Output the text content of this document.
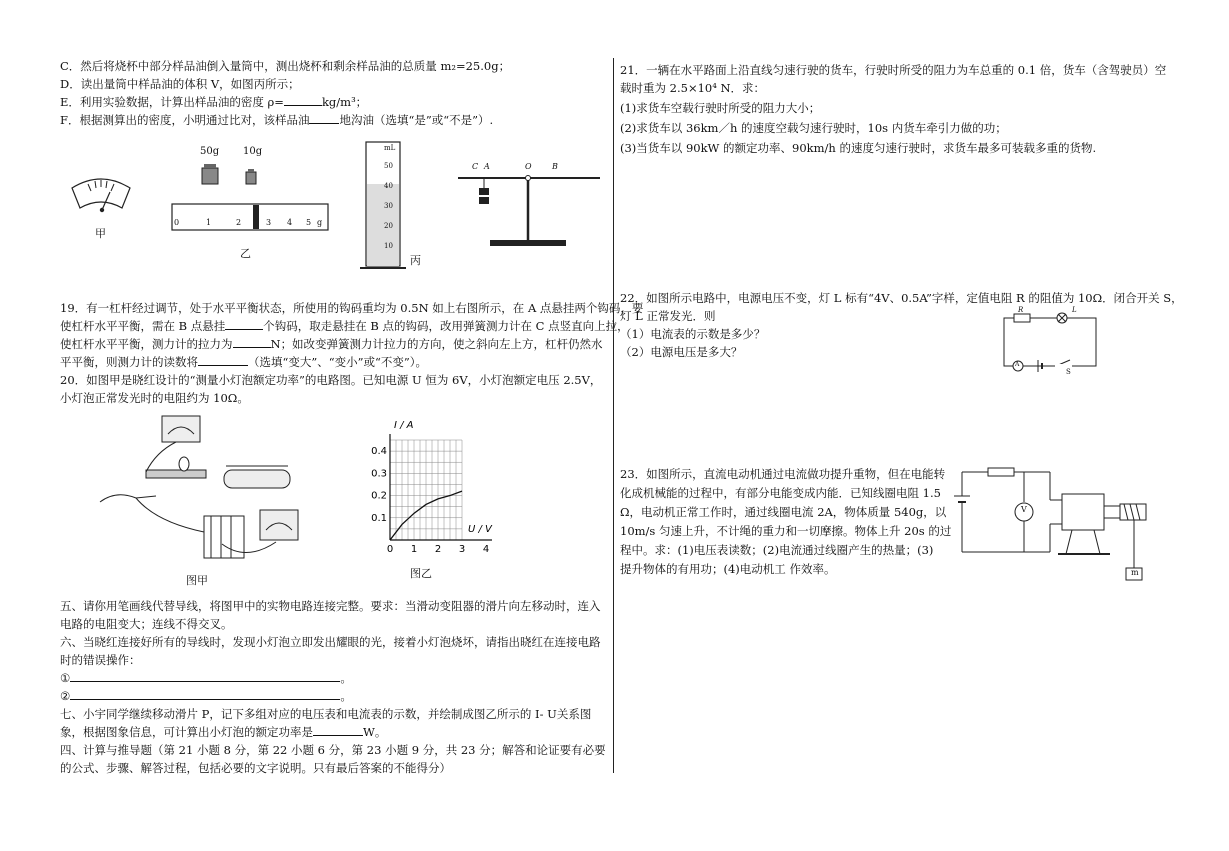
C．然后将烧杯中部分样品油倒入量筒中，测出烧杯和剩余样品油的总质量 m₂=25.0g；
D．读出量筒中样品油的体积 V，如图丙所示；
E．利用实验数据，计算出样品油的密度 ρ=	kg/m³；
F．根据测算出的密度，小明通过比对，该样品油	地沟油（选填“是”或“不是”）.
甲
50g 10g
0	1	2	3 4 5 g
乙
mL
50
40
30
20
10
丙
C A	O	B
19．有一杠杆经过调节，处于水平平衡状态，所使用的钩码重均为 0.5N 如上右图所示，在 A 点悬挂两个钩码，要
使杠杆水平平衡，需在 B 点悬挂	个钩码，取走悬挂在 B 点的钩码，改用弹簧测力计在 C 点竖直向上拉，
使杠杆水平平衡，测力计的拉力为	N；如改变弹簧测力计拉力的方向，使之斜向左上方，杠杆仍然水
平平衡，则测力计的读数将	（选填“变大”、“变小”或“不变”）。
20．如图甲是晓红设计的“测量小灯泡额定功率”的电路图。已知电源 U 恒为 6V，小灯泡额定电压 2.5V，
小灯泡正常发光时的电阻约为 10Ω。
图甲
0 1 2 3 4
0.1
0.2
0.3
0.4
I / A
U / V
图乙
五、请你用笔画线代替导线，将图甲中的实物电路连接完整。要求：当滑动变阻器的滑片向左移动时，连入
电路的电阻变大；连线不得交叉。
六、当晓红连接好所有的导线时，发现小灯泡立即发出耀眼的光，接着小灯泡烧坏，请指出晓红在连接电路
时的错误操作：
①	。
②	。
七、小宇同学继续移动滑片 P，记下多组对应的电压表和电流表的示数，并绘制成图乙所示的 I- U关系图
象，根据图象信息，可计算出小灯泡的额定功率是	W。
四、计算与推导题（第 21 小题 8 分，第 22 小题 6 分，第 23 小题 9 分，共 23 分；解答和论证要有必要
的公式、步骤、解答过程，包括必要的文字说明。只有最后答案的不能得分）
21．一辆在水平路面上沿直线匀速行驶的货车，行驶时所受的阻力为车总重的 0.1 倍，货车（含驾驶员）空
载时重为 2.5×10⁴ N．求：
(1)求货车空载行驶时所受的阻力大小；
(2)求货车以 36km／h 的速度空载匀速行驶时，10s 内货车牵引力做的功；
(3)当货车以 90kW 的额定功率、90km/h 的速度匀速行驶时，求货车最多可装载多重的货物.
22．如图所示电路中，电源电压不变，灯 L 标有“4V、0.5A”字样，定值电阻 R 的阻值为 10Ω．闭合开关 S，
灯 L 正常发光．则
（1）电流表的示数是多少？
（2）电源电压是多大？
R	L
A
S
23．如图所示，直流电动机通过电流做功提升重物，但在电能转
化成机械能的过程中，有部分电能变成内能．已知线圈电阻 1.5
Ω，电动机正常工作时，通过线圈电流 2A，物体质量 540g，以
10m/s 匀速上升，不计绳的重力和一切摩擦。物体上升 20s 的过
程中。求：(1)电压表读数；(2)电流通过线圈产生的热量；(3)
提升物体的有用功；(4)电动机工 作效率。
V
m
